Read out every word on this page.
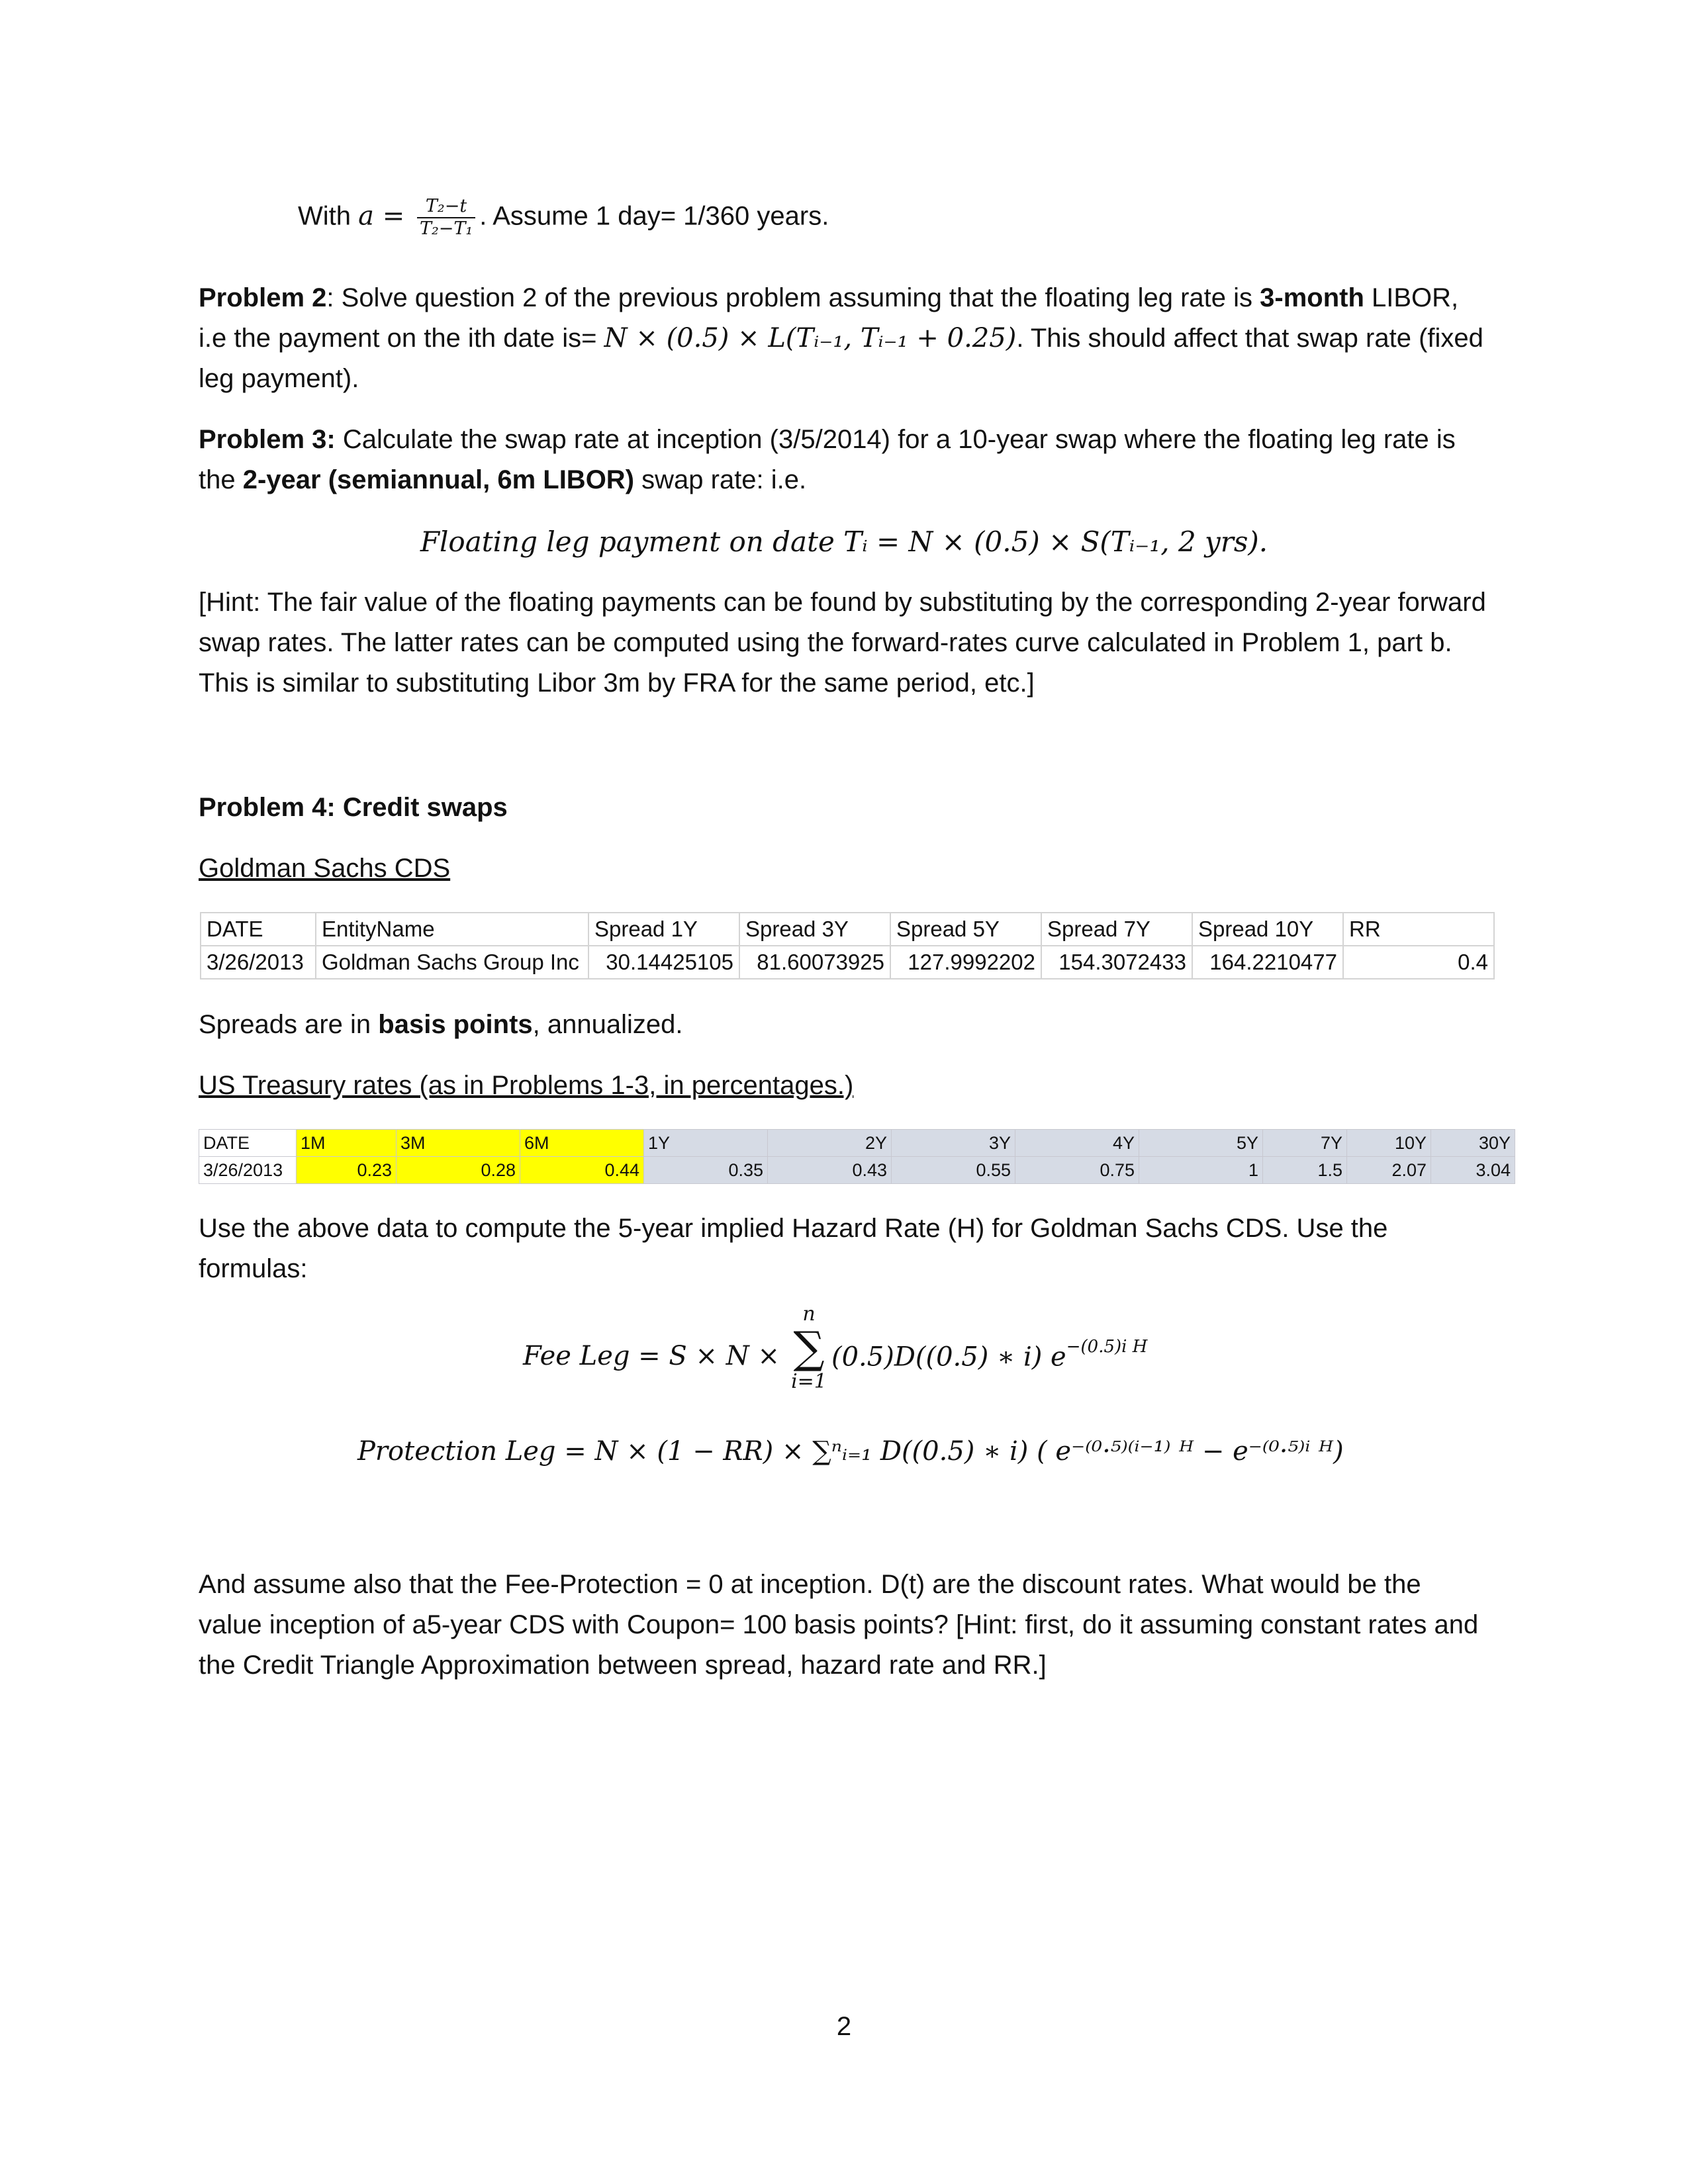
With $a = \frac{\text{T₂−t}}{\text{T₂−T₁}}$ . Assume 1 day= 1/360 years.
Problem 2: Solve question 2 of the previous problem assuming that the floating leg rate is 3-month LIBOR, i.e the payment on the ith date is= N × (0.5) × L(Tᵢ₋₁, Tᵢ₋₁ + 0.25). This should affect that swap rate (fixed leg payment).
Problem 3: Calculate the swap rate at inception (3/5/2014) for a 10-year swap where the floating leg rate is the 2-year (semiannual, 6m LIBOR) swap rate: i.e.
Floating leg payment on date Tᵢ = N × (0.5) × S(Tᵢ₋₁, 2 yrs).
[Hint: The fair value of the floating payments can be found by substituting by the corresponding 2-year forward swap rates. The latter rates can be computed using the forward-rates curve calculated in Problem 1, part b. This is similar to substituting Libor 3m by FRA for the same period, etc.]
Problem 4: Credit swaps
Goldman Sachs CDS
DATE	EntityName	Spread 1Y	Spread 3Y	Spread 5Y	Spread 7Y	Spread 10Y	RR
3/26/2013	Goldman Sachs Group Inc	30.14425105	81.60073925	127.9992202	154.3072433	164.2210477	0.4
Spreads are in basis points, annualized.
US Treasury rates (as in Problems 1-3, in percentages.)
DATE	1M	3M	6M	1Y	2Y	3Y	4Y	5Y	7Y	10Y	30Y
3/26/2013	0.23	0.28	0.44	0.35	0.43	0.55	0.75	1	1.5	2.07	3.04
Use the above data to compute the 5-year implied Hazard Rate (H) for Goldman Sachs CDS. Use the formulas:
Fee Leg = S × N ×
n
∑
i=1
(0.5)D((0.5) ∗ i) $e^{-(0.5)i H}$
Protection Leg = N × (1 − RR) × ∑ⁿᵢ₌₁ D((0.5) ∗ i) ( e⁻⁽⁰·⁵⁾⁽ⁱ⁻¹⁾ ᴴ − e⁻⁽⁰·⁵⁾ⁱ ᴴ)
And assume also that the Fee-Protection = 0 at inception. D(t) are the discount rates. What would be the value inception of a5-year CDS with Coupon= 100 basis points? [Hint: first, do it assuming constant rates and the Credit Triangle Approximation between spread, hazard rate and RR.]
2
